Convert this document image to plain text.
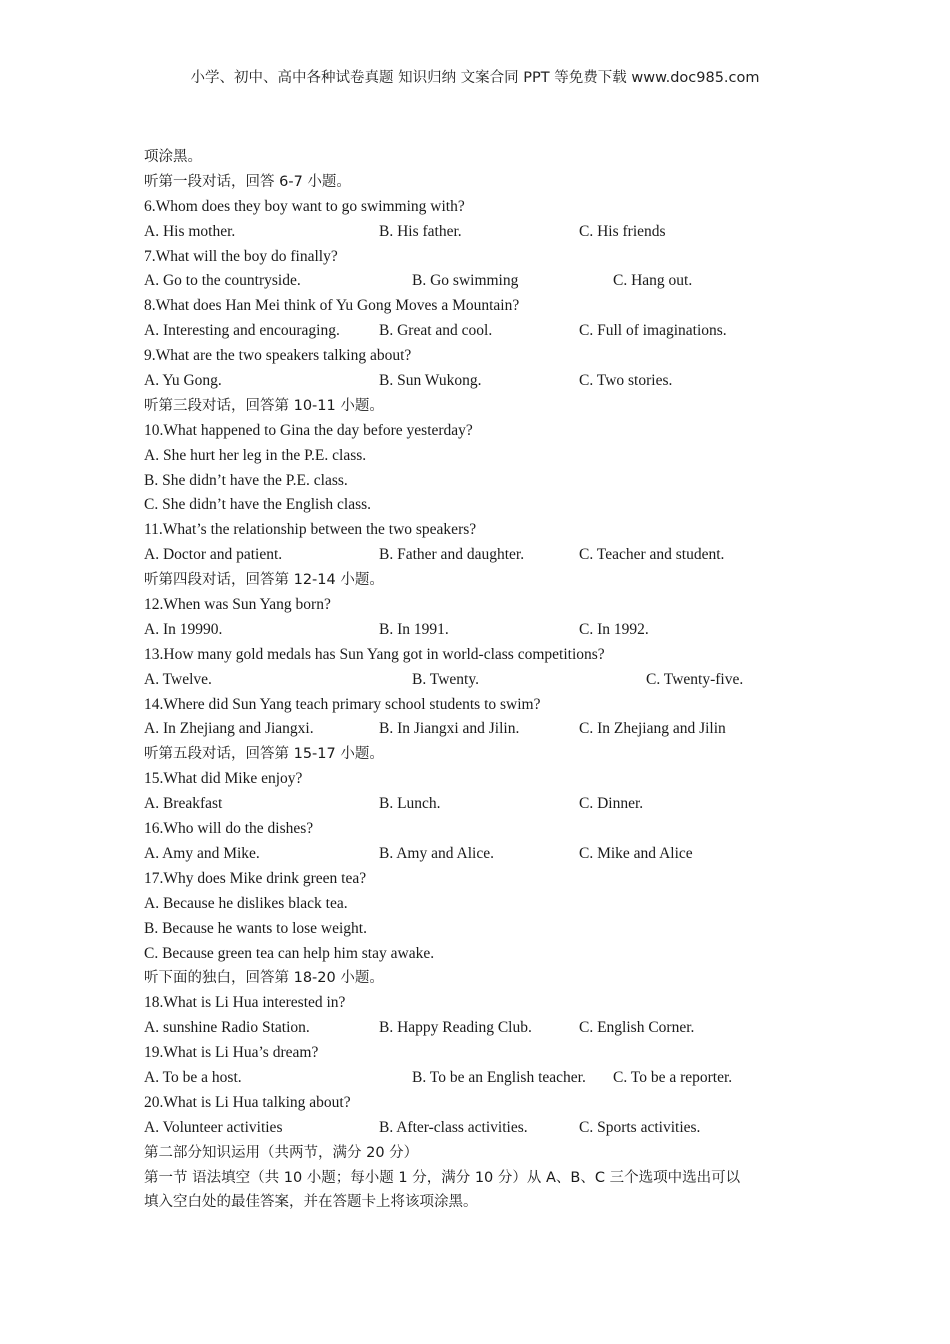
小学、初中、高中各种试卷真题 知识归纳 文案合同 PPT 等免费下载 www.doc985.com
项涂黑。
听第一段对话，回答 6-7 小题。
6.Whom does they boy want to go swimming with?
A. His mother.	B. His father.	C. His friends
7.What will the boy do finally?
A. Go to the countryside.	B. Go swimming	C. Hang out.
8.What does Han Mei think of Yu Gong Moves a Mountain?
A. Interesting and encouraging.	B. Great and cool.	C. Full of imaginations.
9.What are the two speakers talking about?
A. Yu Gong.	B. Sun Wukong.	C. Two stories.
听第三段对话，回答第 10-11 小题。
10.What happened to Gina the day before yesterday?
A. She hurt her leg in the P.E. class.
B. She didn’t have the P.E. class.
C. She didn’t have the English class.
11.What’s the relationship between the two speakers?
A. Doctor and patient.	B. Father and daughter.	C. Teacher and student.
听第四段对话，回答第 12-14 小题。
12.When was Sun Yang born?
A. In 19990.	B. In 1991.	C. In 1992.
13.How many gold medals has Sun Yang got in world-class competitions?
A. Twelve.	B. Twenty.	C. Twenty-five.
14.Where did Sun Yang teach primary school students to swim?
A. In Zhejiang and Jiangxi.	B. In Jiangxi and Jilin.	C. In Zhejiang and Jilin
听第五段对话，回答第 15-17 小题。
15.What did Mike enjoy?
A. Breakfast	B. Lunch.	C. Dinner.
16.Who will do the dishes?
A. Amy and Mike.	B. Amy and Alice.	C. Mike and Alice
17.Why does Mike drink green tea?
A. Because he dislikes black tea.
B. Because he wants to lose weight.
C. Because green tea can help him stay awake.
听下面的独白，回答第 18-20 小题。
18.What is Li Hua interested in?
A. sunshine Radio Station.	B. Happy Reading Club.	C. English Corner.
19.What is Li Hua’s dream?
A. To be a host.	B. To be an English teacher. C. To be a reporter.
20.What is Li Hua talking about?
A. Volunteer activities	B. After-class activities.	C. Sports activities.
第二部分知识运用（共两节，满分 20 分）
第一节 语法填空（共 10 小题；每小题 1 分，满分 10 分）从 A、B、C 三个选项中选出可以
填入空白处的最佳答案，并在答题卡上将该项涂黑。
